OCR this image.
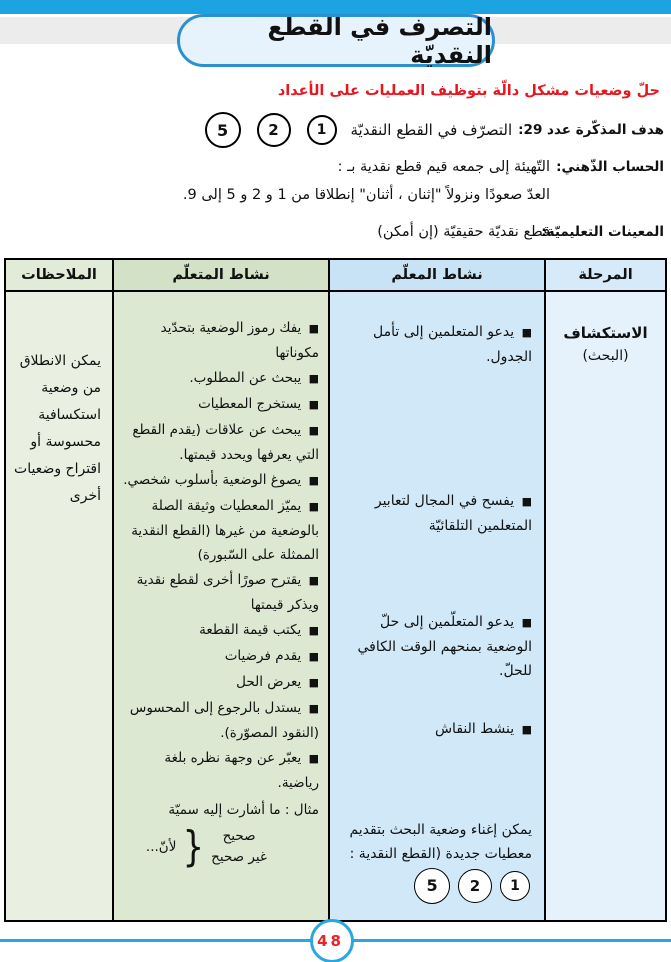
التصرف في القطع النقديّة
حلّ وضعيات مشكل دالّة بتوظيف العمليات على الأعداد
هدف المذكّرة عدد 29:
التصرّف في القطع النقديّة
1
2
5
الحساب الذّهني:
التّهيئة إلى جمعه قيم قطع نقدية بـ :
العدّ صعودًا ونزولاً "إثنان ، أثنان" إنطلاقا من 1 و 2 و 5 إلى 9.
المعينات التعليميّة:
قطع نقديّة حقيقيّة (إن أمكن)
المرحلة
نشاط المعلّم
نشاط المتعلّم
الملاحظات
الاستكشاف
(البحث)
■ يدعو المتعلمين إلى تأمل الجدول.
■ يفسح في المجال لتعابير المتعلمين التلقائيّة
■ يدعو المتعلّمين إلى حلّ الوضعية بمنحهم الوقت الكافي للحلّ.
■ ينشط النقاش
يمكن إغناء وضعية البحث بتقديم معطيات جديدة (القطع النقدية :
1
2
5
■ يفك رموز الوضعية بتحدّيد مكوناتها
■ يبحث عن المطلوب.
■ يستخرج المعطيات
■ يبحث عن علاقات (يقدم القطع التي يعرفها ويحدد قيمتها.
■ يصوغ الوضعية بأسلوب شخصي.
■ يميّز المعطيات وثيقة الصلة بالوضعية من غيرها (القطع النقدية الممثلة على السّبورة)
■ يقترح صورًا أخرى لقطع نقدية ويذكر قيمتها
■ يكتب قيمة القطعة
■ يقدم فرضيات
■ يعرض الحل
■ يستدل بالرجوع إلى المحسوس (النقود المصوّرة).
■ يعبّر عن وجهة نظره بلغة رياضية.
مثال : ما أشارت إليه سميّة
صحيح
غير صحيح
{
لأنّ...
يمكن الانطلاق من وضعية استكسافية محسوسة أو اقتراح وضعيات أخرى
48
